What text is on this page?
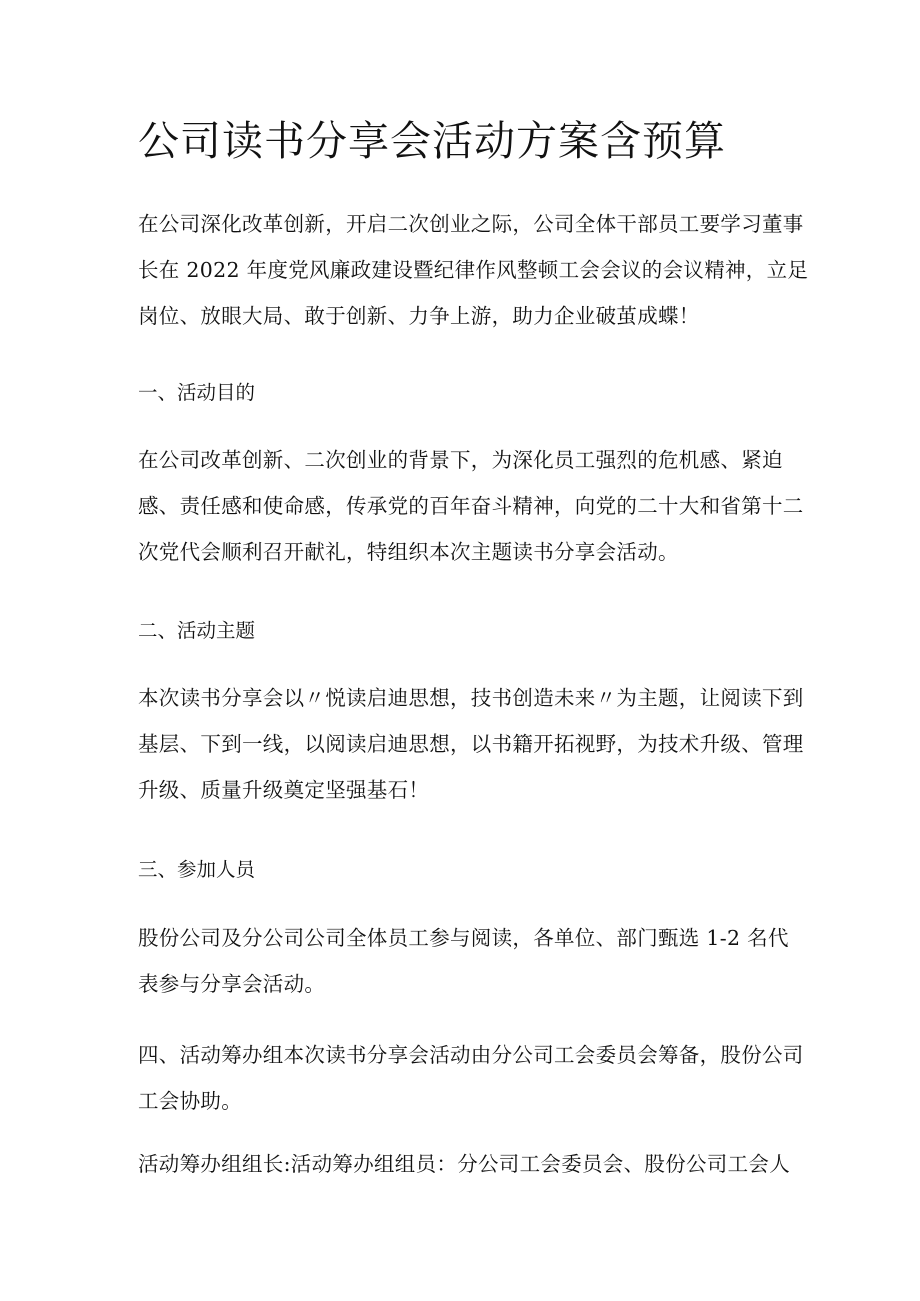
公司读书分享会活动方案含预算
在公司深化改革创新，开启二次创业之际，公司全体干部员工要学习董事
长在 2022 年度党风廉政建设暨纪律作风整顿工会会议的会议精神，立足
岗位、放眼大局、敢于创新、力争上游，助力企业破茧成蝶！
一、活动目的
在公司改革创新、二次创业的背景下，为深化员工强烈的危机感、紧迫
感、责任感和使命感，传承党的百年奋斗精神，向党的二十大和省第十二
次党代会顺利召开献礼，特组织本次主题读书分享会活动。
二、活动主题
本次读书分享会以〃悦读启迪思想，技书创造未来〃为主题，让阅读下到
基层、下到一线，以阅读启迪思想，以书籍开拓视野，为技术升级、管理
升级、质量升级奠定坚强基石！
三、参加人员
股份公司及分公司公司全体员工参与阅读，各单位、部门甄选 1-2 名代
表参与分享会活动。
四、活动筹办组本次读书分享会活动由分公司工会委员会筹备，股份公司
工会协助。
活动筹办组组长:活动筹办组组员：分公司工会委员会、股份公司工会人
